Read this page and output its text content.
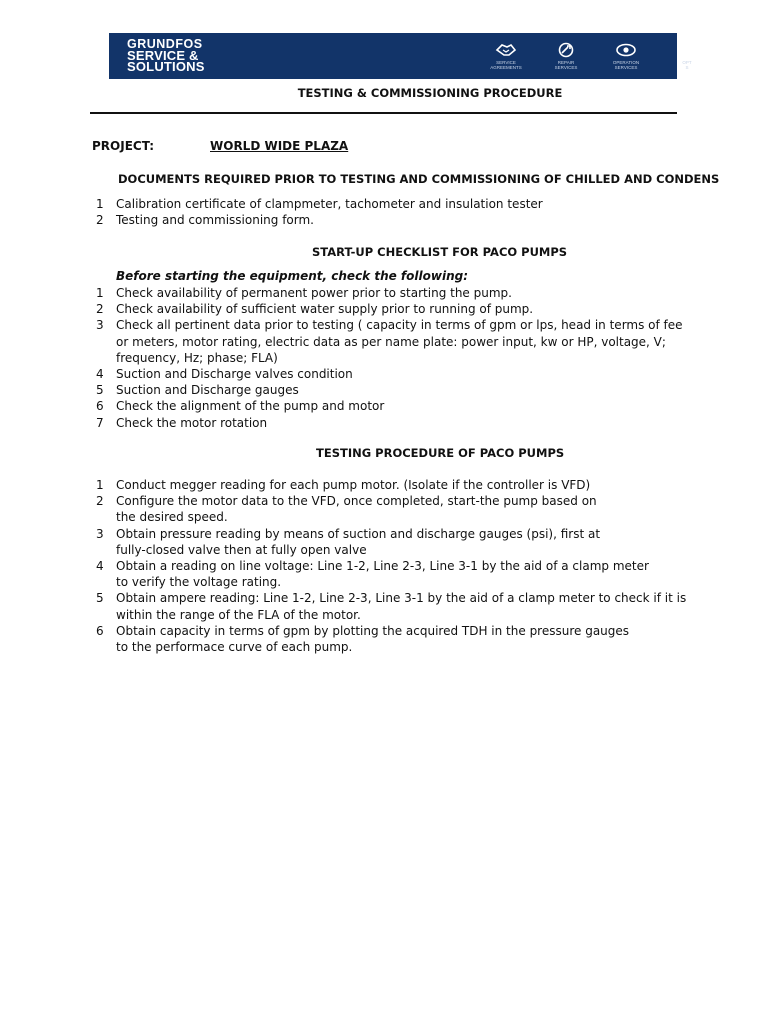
GRUNDFOS
SERVICE &
SOLUTIONS	SERVICE
AGREEMENTS
REPAIR
SERVICES
OPERATION
SERVICES
OPT
S
TESTING & COMMISSIONING PROCEDURE
PROJECT:	WORLD WIDE PLAZA
DOCUMENTS REQUIRED PRIOR TO TESTING AND COMMISSIONING OF CHILLED AND CONDENS
1	Calibration certificate of clampmeter, tachometer and insulation tester
2	Testing and commissioning form.
START-UP CHECKLIST FOR PACO PUMPS
Before starting the equipment, check the following:
1	Check availability of permanent power prior to starting the pump.
2	Check availability of sufficient water supply prior to running of pump.
3	Check all pertinent data prior to testing ( capacity in terms of gpm or lps, head in terms of fee
or meters, motor rating, electric data as per name plate: power input, kw or HP, voltage, V;
frequency, Hz; phase; FLA)
4	Suction and Discharge valves condition
5	Suction and Discharge gauges
6	Check the alignment of the pump and motor
7	Check the motor rotation
TESTING PROCEDURE OF PACO PUMPS
1	Conduct megger reading for each pump motor. (Isolate if the controller is VFD)
2	Configure the motor data to the VFD, once completed, start-the pump based on
the desired speed.
3	Obtain pressure reading by means of suction and discharge gauges (psi), first at
fully-closed valve then at fully open valve
4	Obtain a reading on line voltage: Line 1-2, Line 2-3, Line 3-1 by the aid of a clamp meter
to verify the voltage rating.
5	Obtain ampere reading: Line 1-2, Line 2-3, Line 3-1 by the aid of a clamp meter to check if it is
within the range of the FLA of the motor.
6	Obtain capacity in terms of gpm by plotting the acquired TDH in the pressure gauges
to the performace curve of each pump.
